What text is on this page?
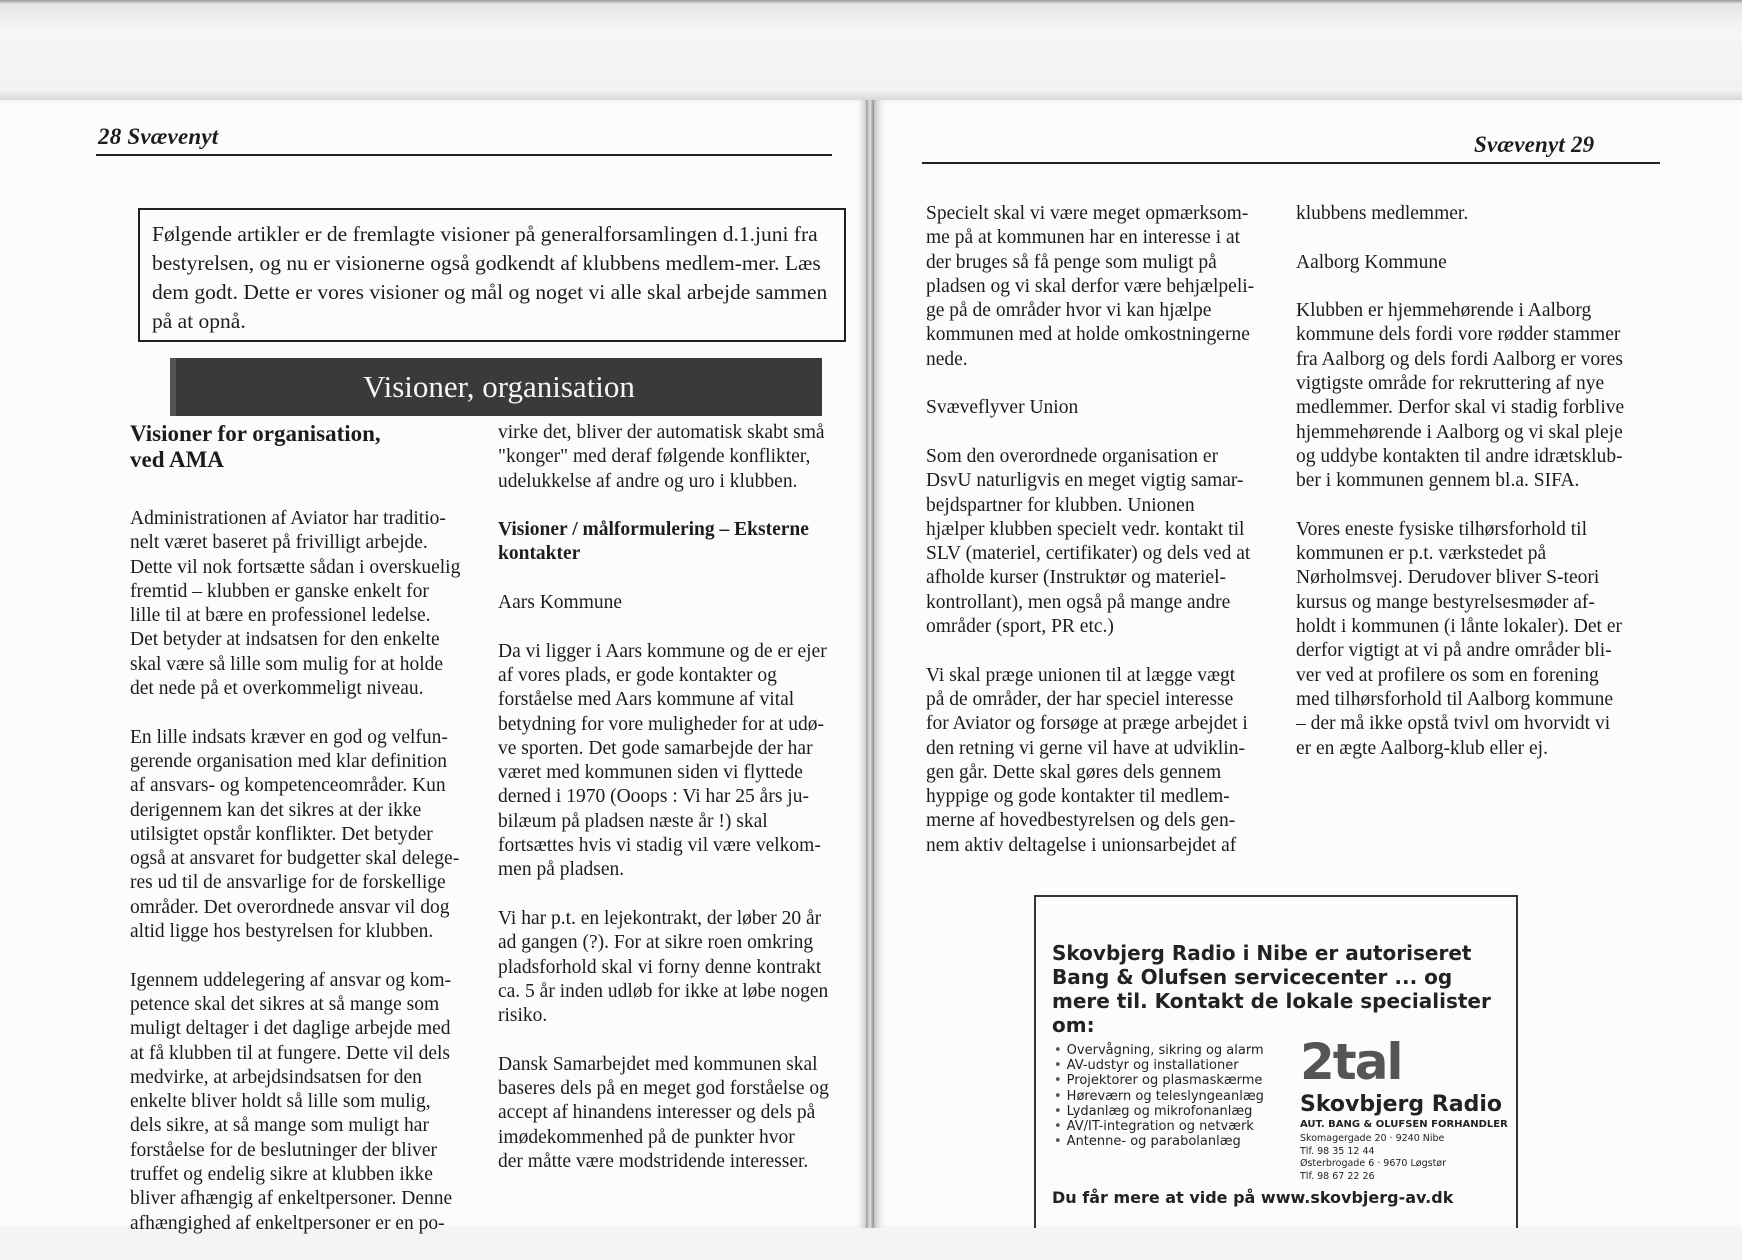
28 Svævenyt
Følgende artikler er de fremlagte visioner på generalforsamlingen d.1.juni fra bestyrelsen, og nu er visionerne også godkendt af klubbens medlem-mer. Læs dem godt. Dette er vores visioner og mål og noget vi alle skal arbejde sammen på at opnå.
Visioner, organisation

Visioner for organisation,
ved AMA

Administrationen af Aviator har traditio-
nelt været baseret på frivilligt arbejde.
Dette vil nok fortsætte sådan i overskuelig
fremtid – klubben er ganske enkelt for
lille til at bære en professionel ledelse.
Det betyder at indsatsen for den enkelte
skal være så lille som mulig for at holde
det nede på et overkommeligt niveau.

En lille indsats kræver en god og velfun-
gerende organisation med klar definition
af ansvars- og kompetenceområder. Kun
derigennem kan det sikres at der ikke
utilsigtet opstår konflikter. Det betyder
også at ansvaret for budgetter skal delege-
res ud til de ansvarlige for de forskellige
områder. Det overordnede ansvar vil dog
altid ligge hos bestyrelsen for klubben.

Igennem uddelegering af ansvar og kom-
petence skal det sikres at så mange som
muligt deltager i det daglige arbejde med
at få klubben til at fungere. Dette vil dels
medvirke, at arbejdsindsatsen for den
enkelte bliver holdt så lille som mulig,
dels sikre, at så mange som muligt har
forståelse for de beslutninger der bliver
truffet og endelig sikre at klubben ikke
bliver afhængig af enkeltpersoner. Denne
afhængighed af enkeltpersoner er en po-

virke det, bliver der automatisk skabt små
"konger" med deraf følgende konflikter,
udelukkelse af andre og uro i klubben.

Visioner / målformulering – Eksterne
kontakter

Aars Kommune

Da vi ligger i Aars kommune og de er ejer
af vores plads, er gode kontakter og
forståelse med Aars kommune af vital
betydning for vore muligheder for at udø-
ve sporten. Det gode samarbejde der har
været med kommunen siden vi flyttede
derned i 1970 (Ooops : Vi har 25 års ju-
bilæum på pladsen næste år !) skal
fortsættes hvis vi stadig vil være velkom-
men på pladsen.

Vi har p.t. en lejekontrakt, der løber 20 år
ad gangen (?). For at sikre roen omkring
pladsforhold skal vi forny denne kontrakt
ca. 5 år inden udløb for ikke at løbe nogen
risiko.

Dansk Samarbejdet med kommunen skal
baseres dels på en meget god forståelse og
accept af hinandens interesser og dels på
imødekommenhed på de punkter hvor
der måtte være modstridende interesser.

Svævenyt 29

Specielt skal vi være meget opmærksom-
me på at kommunen har en interesse i at
der bruges så få penge som muligt på
pladsen og vi skal derfor være behjælpeli-
ge på de områder hvor vi kan hjælpe
kommunen med at holde omkostningerne
nede.

Svæveflyver Union

Som den overordnede organisation er
DsvU naturligvis en meget vigtig samar-
bejdspartner for klubben. Unionen
hjælper klubben specielt vedr. kontakt til
SLV (materiel, certifikater) og dels ved at
afholde kurser (Instruktør og materiel-
kontrollant), men også på mange andre
områder (sport, PR etc.)

Vi skal præge unionen til at lægge vægt
på de områder, der har speciel interesse
for Aviator og forsøge at præge arbejdet i
den retning vi gerne vil have at udviklin-
gen går. Dette skal gøres dels gennem
hyppige og gode kontakter til medlem-
merne af hovedbestyrelsen og dels gen-
nem aktiv deltagelse i unionsarbejdet af

klubbens medlemmer.

Aalborg Kommune

Klubben er hjemmehørende i Aalborg
kommune dels fordi vore rødder stammer
fra Aalborg og dels fordi Aalborg er vores
vigtigste område for rekruttering af nye
medlemmer. Derfor skal vi stadig forblive
hjemmehørende i Aalborg og vi skal pleje
og uddybe kontakten til andre idrætsklub-
ber i kommunen gennem bl.a. SIFA.

Vores eneste fysiske tilhørsforhold til
kommunen er p.t. værkstedet på
Nørholmsvej. Derudover bliver S-teori
kursus og mange bestyrelsesmøder af-
holdt i kommunen (i lånte lokaler). Det er
derfor vigtigt at vi på andre områder bli-
ver ved at profilere os som en forening
med tilhørsforhold til Aalborg kommune
– der må ikke opstå tvivl om hvorvidt vi
er en ægte Aalborg-klub eller ej.

Skovbjerg Radio i Nibe er autoriseret Bang & Olufsen servicecenter ... og mere til. Kontakt de lokale specialister om:
• Overvågning, sikring og alarm
• AV-udstyr og installationer
• Projektorer og plasmaskærme
• Høreværn og teleslyngeanlæg
• Lydanlæg og mikrofonanlæg
• AV/IT-integration og netværk
• Antenne- og parabolanlæg
2tal
Skovbjerg Radio
AUT. BANG & OLUFSEN FORHANDLER
Skomagergade 20 · 9240 Nibe
Tlf. 98 35 12 44
Østerbrogade 6 · 9670 Løgstør
Tlf. 98 67 22 26
Du får mere at vide på www.skovbjerg-av.dk
